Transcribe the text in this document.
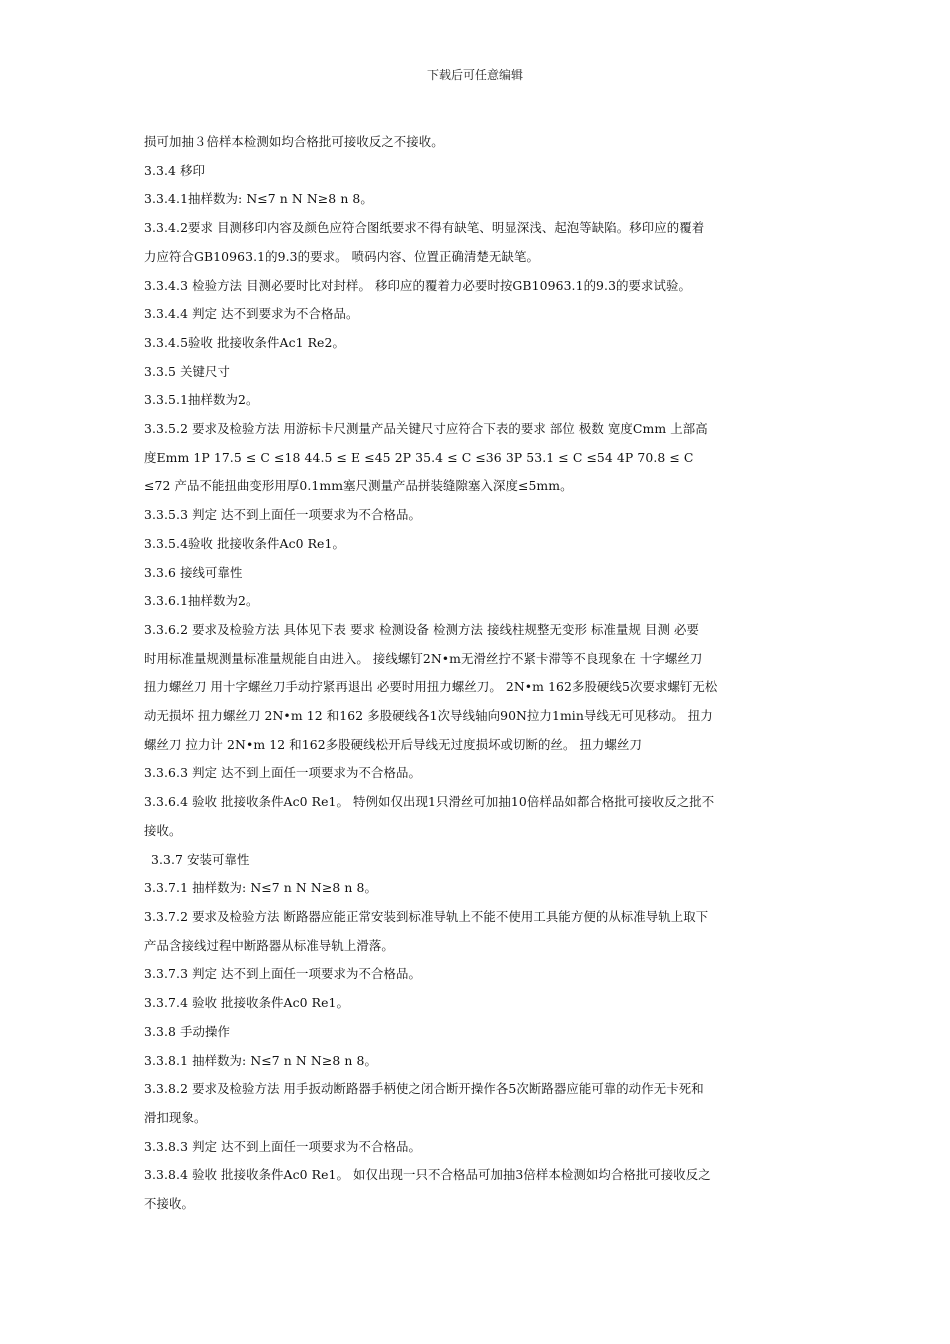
下载后可任意编辑
损可加抽３倍样本检测如均合格批可接收反之不接收。
3.3.4 移印
3.3.4.1抽样数为: N≤7 n N N≥8 n 8。
3.3.4.2要求 目测移印内容及颜色应符合图纸要求不得有缺笔、明显深浅、起泡等缺陷。移印应的覆着
力应符合GB10963.1的9.3的要求。 喷码内容、位置正确清楚无缺笔。
3.3.4.3 检验方法 目测必要时比对封样。 移印应的覆着力必要时按GB10963.1的9.3的要求试验。
3.3.4.4 判定 达不到要求为不合格品。
3.3.4.5验收 批接收条件Ac1 Re2。
3.3.5 关键尺寸
3.3.5.1抽样数为2。
3.3.5.2 要求及检验方法 用游标卡尺测量产品关键尺寸应符合下表的要求 部位 极数 宽度Cmm 上部高
度Emm 1P 17.5 ≤ C ≤18 44.5 ≤ E ≤45 2P 35.4 ≤ C ≤36 3P 53.1 ≤ C ≤54 4P 70.8 ≤ C
≤72 产品不能扭曲变形用厚0.1mm塞尺测量产品拼装缝隙塞入深度≤5mm。
3.3.5.3 判定 达不到上面任一项要求为不合格品。
3.3.5.4验收 批接收条件Ac0 Re1。
3.3.6 接线可靠性
3.3.6.1抽样数为2。
3.3.6.2 要求及检验方法 具体见下表 要求 检测设备 检测方法 接线柱规整无变形 标准量规 目测 必要
时用标准量规测量标准量规能自由进入。 接线螺钉2N•m无滑丝拧不紧卡滞等不良现象在 十字螺丝刀
扭力螺丝刀 用十字螺丝刀手动拧紧再退出 必要时用扭力螺丝刀。 2N•m 162多股硬线5次要求螺钉无松
动无损坏 扭力螺丝刀 2N•m 12 和162 多股硬线各1次导线轴向90N拉力1min导线无可见移动。 扭力
螺丝刀 拉力计 2N•m 12 和162多股硬线松开后导线无过度损坏或切断的丝。 扭力螺丝刀
3.3.6.3 判定 达不到上面任一项要求为不合格品。
3.3.6.4 验收 批接收条件Ac0 Re1。 特例如仅出现1只滑丝可加抽10倍样品如都合格批可接收反之批不
接收。
3.3.7 安装可靠性
3.3.7.1 抽样数为: N≤7 n N N≥8 n 8。
3.3.7.2 要求及检验方法 断路器应能正常安装到标准导轨上不能不使用工具能方便的从标准导轨上取下
产品含接线过程中断路器从标准导轨上滑落。
3.3.7.3 判定 达不到上面任一项要求为不合格品。
3.3.7.4 验收 批接收条件Ac0 Re1。
3.3.8 手动操作
3.3.8.1 抽样数为: N≤7 n N N≥8 n 8。
3.3.8.2 要求及检验方法 用手扳动断路器手柄使之闭合断开操作各5次断路器应能可靠的动作无卡死和
滑扣现象。
3.3.8.3 判定 达不到上面任一项要求为不合格品。
3.3.8.4 验收 批接收条件Ac0 Re1。 如仅出现一只不合格品可加抽3倍样本检测如均合格批可接收反之
不接收。
